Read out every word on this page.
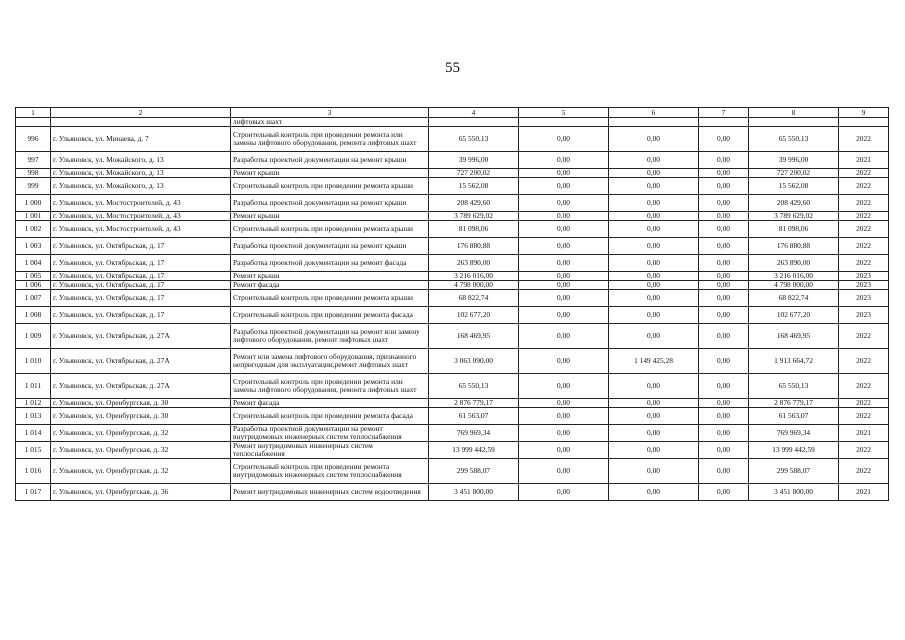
55
1	2	3	4	5	6	7	8	9
		лифтовых шахт						
996	г. Ульяновск, ул. Минаева, д. 7	Строительный контроль при проведении ремонта или замены лифтового оборудования, ремонта лифтовых шахт	65 550,13	0,00	0,00	0,00	65 550,13	2022
997	г. Ульяновск, ул. Можайского, д. 13	Разработка проектной документации на ремонт крыши	39 996,00	0,00	0,00	0,00	39 996,00	2021
998	г. Ульяновск, ул. Можайского, д. 13	Ремонт крыши	727 200,02	0,00	0,00	0,00	727 200,02	2022
999	г. Ульяновск, ул. Можайского, д. 13	Строительный контроль при проведении ремонта крыши	15 562,08	0,00	0,00	0,00	15 562,08	2022
1 000	г. Ульяновск, ул. Мостостроителей, д. 43	Разработка проектной документации на ремонт крыши	208 429,60	0,00	0,00	0,00	208 429,60	2022
1 001	г. Ульяновск, ул. Мостостроителей, д. 43	Ремонт крыши	3 789 629,02	0,00	0,00	0,00	3 789 629,02	2022
1 002	г. Ульяновск, ул. Мостостроителей, д. 43	Строительный контроль при проведении ремонта крыши	81 098,06	0,00	0,00	0,00	81 098,06	2022
1 003	г. Ульяновск, ул. Октябрьская, д. 17	Разработка проектной документации на ремонт крыши	176 880,88	0,00	0,00	0,00	176 880,88	2022
1 004	г. Ульяновск, ул. Октябрьская, д. 17	Разработка проектной документации на ремонт фасада	263 890,00	0,00	0,00	0,00	263 890,00	2022
1 005	г. Ульяновск, ул. Октябрьская, д. 17	Ремонт крыши	3 216 016,00	0,00	0,00	0,00	3 216 016,00	2023
1 006	г. Ульяновск, ул. Октябрьская, д. 17	Ремонт фасада	4 798 000,00	0,00	0,00	0,00	4 798 000,00	2023
1 007	г. Ульяновск, ул. Октябрьская, д. 17	Строительный контроль при проведении ремонта крыши	68 822,74	0,00	0,00	0,00	68 822,74	2023
1 008	г. Ульяновск, ул. Октябрьская, д. 17	Строительный контроль при проведении ремонта фасада	102 677,20	0,00	0,00	0,00	102 677,20	2023
1 009	г. Ульяновск, ул. Октябрьская, д. 27А	Разработка проектной документации на ремонт или замену лифтового оборудования, ремонт лифтовых шахт	168 469,95	0,00	0,00	0,00	168 469,95	2022
1 010	г. Ульяновск, ул. Октябрьская, д. 27А	Ремонт или замена лифтового оборудования, признанного непригодным для эксплуатации,ремонт лифтовых шахт	3 063 090,00	0,00	1 149 425,28	0,00	1 913 664,72	2022
1 011	г. Ульяновск, ул. Октябрьская, д. 27А	Строительный контроль при проведении ремонта или замены лифтового оборудования, ремонта лифтовых шахт	65 550,13	0,00	0,00	0,00	65 550,13	2022
1 012	г. Ульяновск, ул. Оренбургская, д. 30	Ремонт фасада	2 876 779,17	0,00	0,00	0,00	2 876 779,17	2022
1 013	г. Ульяновск, ул. Оренбургская, д. 30	Строительный контроль при проведении ремонта фасада	61 563,07	0,00	0,00	0,00	61 563,07	2022
1 014	г. Ульяновск, ул. Оренбургская, д. 32	Разработка проектной документации на ремонт внутридомовых инженерных систем теплоснабжения	769 969,34	0,00	0,00	0,00	769 969,34	2021
1 015	г. Ульяновск, ул. Оренбургская, д. 32	Ремонт внутридомовых инженерных систем теплоснабжения	13 999 442,59	0,00	0,00	0,00	13 999 442,59	2022
1 016	г. Ульяновск, ул. Оренбургская, д. 32	Строительный контроль при проведении ремонта внутридомовых инженерных систем теплоснабжения	299 588,07	0,00	0,00	0,00	299 588,07	2022
1 017	г. Ульяновск, ул. Оренбургская, д. 36	Ремонт внутридомовых инженерных систем водоотведения	3 451 800,00	0,00	0,00	0,00	3 451 800,00	2021
